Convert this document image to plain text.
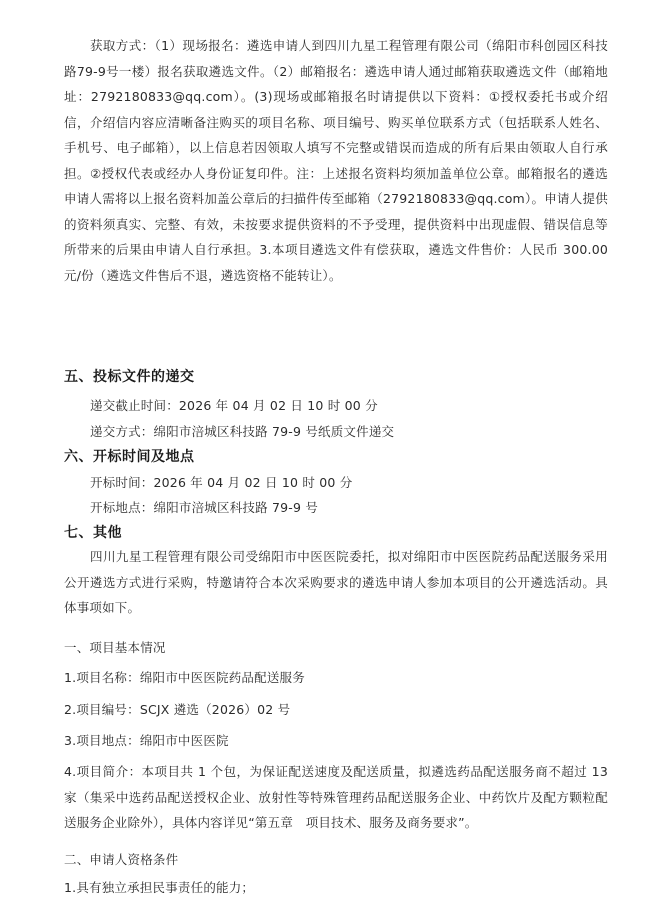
获取方式：（1）现场报名：遴选申请人到四川九星工程管理有限公司（绵阳市科创园区科技路79-9号一楼）报名获取遴选文件。（2）邮箱报名：遴选申请人通过邮箱获取遴选文件（邮箱地址：2792180833@qq.com）。(3)现场或邮箱报名时请提供以下资料：①授权委托书或介绍信，介绍信内容应清晰备注购买的项目名称、项目编号、购买单位联系方式（包括联系人姓名、手机号、电子邮箱），以上信息若因领取人填写不完整或错误而造成的所有后果由领取人自行承担。②授权代表或经办人身份证复印件。注：上述报名资料均须加盖单位公章。邮箱报名的遴选申请人需将以上报名资料加盖公章后的扫描件传至邮箱（2792180833@qq.com）。申请人提供的资料须真实、完整、有效，未按要求提供资料的不予受理，提供资料中出现虚假、错误信息等所带来的后果由申请人自行承担。3.本项目遴选文件有偿获取，遴选文件售价：人民币 300.00 元/份（遴选文件售后不退，遴选资格不能转让）。
五、投标文件的递交
递交截止时间：2026 年 04 月 02 日 10 时 00 分
递交方式：绵阳市涪城区科技路 79-9 号纸质文件递交
六、开标时间及地点
开标时间：2026 年 04 月 02 日 10 时 00 分
开标地点：绵阳市涪城区科技路 79-9 号
七、其他
四川九星工程管理有限公司受绵阳市中医医院委托，拟对绵阳市中医医院药品配送服务采用公开遴选方式进行采购，特邀请符合本次采购要求的遴选申请人参加本项目的公开遴选活动。具体事项如下。
一、项目基本情况
1.项目名称：绵阳市中医医院药品配送服务
2.项目编号：SCJX 遴选（2026）02 号
3.项目地点：绵阳市中医医院
4.项目简介：本项目共 1 个包，为保证配送速度及配送质量，拟遴选药品配送服务商不超过 13 家（集采中选药品配送授权企业、放射性等特殊管理药品配送服务企业、中药饮片及配方颗粒配送服务企业除外），具体内容详见“第五章　项目技术、服务及商务要求”。
二、申请人资格条件
1.具有独立承担民事责任的能力；
